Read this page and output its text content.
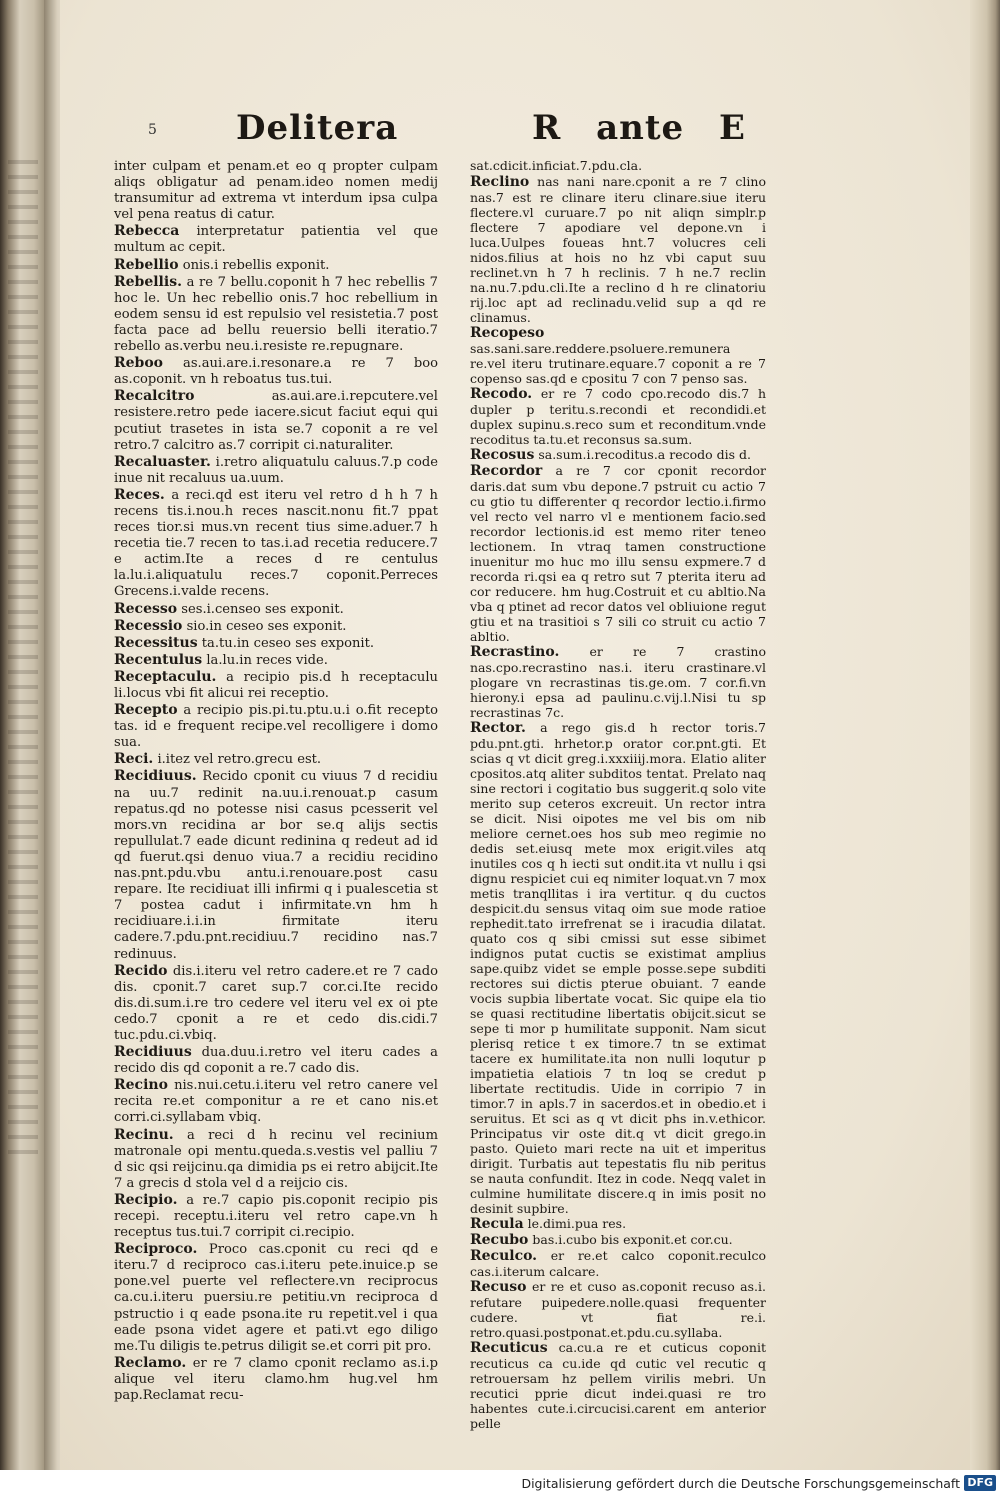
5 Delitera	R ante E

inter culpam et penam.et eo q propter culpam aliqs obligatur ad penam.ideo nomen medij transumitur ad extrema vt interdum ipsa culpa vel pena reatus di catur.

Rebecca interpretatur patientia vel que multum ac cepit.

Rebellio onis.i rebellis exponit.

Rebellis. a re 7 bellu.coponit h 7 hec rebellis 7 hoc le. Un hec rebellio onis.7 hoc rebellium in eodem sensu id est repulsio vel resistetia.7 post facta pace ad bellu reuersio belli iteratio.7 rebello as.verbu neu.i.resiste re.repugnare.

Reboo as.aui.are.i.resonare.a re 7 boo as.coponit. vn h reboatus tus.tui.

Recalcitro	as.aui.are.i.repcutere.vel resistere.retro pede iacere.sicut faciut equi qui pcutiut trasetes in ista se.7 coponit a re vel retro.7 calcitro as.7 corripit ci.naturaliter.

Recaluaster. i.retro aliquatulu caluus.7.p code inue nit recaluus ua.uum.

Reces. a reci.qd est iteru vel retro d h h 7 h recens tis.i.nou.h reces nascit.nonu fit.7 ppat reces tior.si mus.vn recent tius sime.aduer.7 h recetia tie.7 recen to tas.i.ad recetia reducere.7 e actim.Ite a reces d re centulus la.lu.i.aliquatulu reces.7 coponit.Perreces Grecens.i.valde recens.

Recesso ses.i.censeo ses exponit.

Recessio sio.in ceseo ses exponit.

Recessitus ta.tu.in ceseo ses exponit.

Recentulus la.lu.in reces vide.

Receptaculu. a recipio pis.d h receptaculu li.locus vbi fit alicui rei receptio.

Recepto a recipio pis.pi.tu.ptu.u.i o.fit recepto tas. id e frequent recipe.vel recolligere i domo sua.

Reci. i.itez vel retro.grecu est.

Recidiuus. Recido cponit cu viuus 7 d recidiu na uu.7 redinit na.uu.i.renouat.p casum repatus.qd no potesse nisi casus pcesserit vel mors.vn recidina ar bor se.q alijs sectis repullulat.7 eade dicunt redinina q redeut ad id qd fuerut.qsi denuo viua.7 a recidiu recidino nas.pnt.pdu.vbu antu.i.renouare.post casu repare. Ite recidiuat illi infirmi q i pualescetia st 7 postea cadut i infirmitate.vn hm h recidiuare.i.i.in firmitate iteru cadere.7.pdu.pnt.recidiuu.7 recidino nas.7 redinuus.

Recido dis.i.iteru vel retro cadere.et re 7 cado dis. cponit.7 caret sup.7 cor.ci.Ite recido dis.di.sum.i.re tro cedere vel iteru vel ex oi pte cedo.7 cponit a re et cedo dis.cidi.7 tuc.pdu.ci.vbiq.

Recidiuus dua.duu.i.retro vel iteru cades a recido dis qd coponit a re.7 cado dis.

Recino nis.nui.cetu.i.iteru vel retro canere vel recita re.et componitur a re et cano nis.et corri.ci.syllabam vbiq.

Recinu. a reci d h recinu vel recinium matronale opi mentu.queda.s.vestis vel palliu 7 d sic qsi reijcinu.qa dimidia ps ei retro abijcit.Ite 7 a grecis d stola vel d a reijcio cis.

Recipio. a re.7 capio pis.coponit recipio pis recepi. receptu.i.iteru vel retro cape.vn h receptus tus.tui.7 corripit ci.recipio.

Reciproco. Proco cas.cponit cu reci qd e iteru.7 d reciproco cas.i.iteru pete.inuice.p se pone.vel puerte vel reflectere.vn reciprocus ca.cu.i.iteru puersiu.re petitiu.vn reciproca d pstructio i q eade psona.ite ru repetit.vel i qua eade psona videt agere et pati.vt ego diligo me.Tu diligis te.petrus diligit se.et corri pit pro.

Reclamo. er re 7 clamo cponit reclamo as.i.p alique vel iteru clamo.hm hug.vel hm pap.Reclamat recu-

sat.cdicit.inficiat.7.pdu.cla.

Reclino nas nani nare.cponit a re 7 clino nas.7 est re clinare iteru clinare.siue iteru flectere.vl curuare.7 po nit aliqn simplr.p flectere 7 apodiare vel depone.vn i luca.Uulpes foueas hnt.7 volucres celi nidos.filius at hois no hz vbi caput suu reclinet.vn h 7 h reclinis. 7 h ne.7 reclin na.nu.7.pdu.cli.Ite a reclino d h re clinatoriu rij.loc apt ad reclinadu.velid sup a qd re clinamus.

Recopeso sas.sani.sare.reddere.psoluere.remunera re.vel iteru trutinare.equare.7 coponit a re 7 copenso sas.qd e cpositu 7 con 7 penso sas.

Recodo. er re 7 codo cpo.recodo dis.7 h dupler p teritu.s.recondi et recondidi.et duplex supinu.s.reco sum et reconditum.vnde recoditus ta.tu.et reconsus sa.sum.

Recosus sa.sum.i.recoditus.a recodo dis d.

Recordor a re 7 cor cponit recordor daris.dat sum vbu depone.7 pstruit cu actio 7 cu gtio tu differenter q recordor lectio.i.firmo vel recto vel narro vl e mentionem facio.sed recordor lectionis.id est memo riter teneo lectionem. In vtraq tamen constructione inuenitur mo huc mo illu sensu expmere.7 d recorda ri.qsi ea q retro sut 7 pterita iteru ad cor reducere. hm hug.Costruit et cu abltio.Na vba q ptinet ad recor datos vel obliuione regut gtiu et na trasitioi s 7 sili co struit cu actio 7 abltio.

Recrastino. er re 7 crastino nas.cpo.recrastino nas.i. iteru crastinare.vl plogare vn recrastinas tis.ge.om. 7 cor.fi.vn hierony.i epsa ad paulinu.c.vij.l.Nisi tu sp recrastinas 7c.

Rector. a rego gis.d h rector toris.7 pdu.pnt.gti. hrhetor.p orator cor.pnt.gti. Et scias q vt dicit greg.i.xxxiiij.mora. Elatio aliter cpositos.atq aliter subditos tentat. Prelato naq sine rectori i cogitatio bus suggerit.q solo vite merito sup ceteros excreuit. Un rector intra se dicit. Nisi oipotes me vel bis om nib meliore cernet.oes hos sub meo regimie no dedis set.eiusq mete mox erigit.viles atq inutiles cos q h iecti sut ondit.ita vt nullu i qsi dignu respiciet cui eq nimiter loquat.vn 7 mox metis tranqllitas i ira vertitur. q du cuctos despicit.du sensus vitaq oim sue mode ratioe rephedit.tato irrefrenat se i iracudia dilatat. quato cos q sibi cmissi sut esse sibimet indignos putat cuctis se existimat amplius sape.quibz videt se emple posse.sepe subditi rectores sui dictis pterue obuiant. 7 eande vocis supbia libertate vocat. Sic quipe ela tio se quasi rectitudine libertatis obijcit.sicut se sepe ti mor p humilitate supponit. Nam sicut plerisq retice t ex timore.7 tn se extimat tacere ex humilitate.ita non nulli loqutur p impatietia elatiois 7 tn loq se credut p libertate rectitudis. Uide in corripio 7 in timor.7 in apls.7 in sacerdos.et in obedio.et i seruitus. Et sci as q vt dicit phs in.v.ethicor. Principatus vir oste dit.q vt dicit grego.in pasto. Quieto mari recte na uit et imperitus dirigit. Turbatis aut tepestatis flu nib peritus se nauta confundit. Itez in code. Neqq valet in culmine humilitate discere.q in imis posit no desinit supbire.

Recula le.dimi.pua res.

Recubo bas.i.cubo bis exponit.et cor.cu.

Reculco. er re.et calco coponit.reculco cas.i.iterum calcare.

Recuso er re et cuso as.coponit recuso as.i. refutare puipedere.nolle.quasi frequenter cudere. vt fiat re.i. retro.quasi.postponat.et.pdu.cu.syllaba.

Recuticus ca.cu.a re et cuticus coponit recuticus ca cu.ide qd cutic vel recutic q retrouersam hz pellem virilis mebri. Un recutici pprie dicut indei.quasi re tro habentes cute.i.circucisi.carent em anterior pelle

Digitalisierung gefördert durch die Deutsche Forschungsgemeinschaft DFG
